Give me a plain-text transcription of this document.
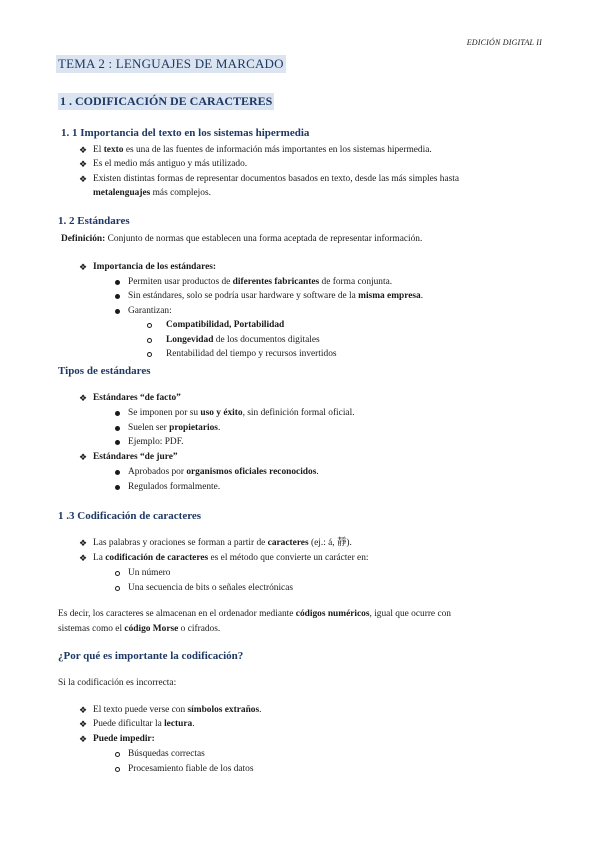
EDICIÓN DIGITAL II
TEMA 2 : LENGUAJES DE MARCADO
1 . CODIFICACIÓN DE CARACTERES
1. 1 Importancia del texto en los sistemas hipermedia
❖ El texto es una de las fuentes de información más importantes en los sistemas hipermedia.
❖ Es el medio más antiguo y más utilizado.
❖ Existen distintas formas de representar documentos basados en texto, desde las más simples hasta
metalenguajes más complejos.
1. 2 Estándares
Definición: Conjunto de normas que establecen una forma aceptada de representar información.
❖ Importancia de los estándares:
Permiten usar productos de diferentes fabricantes de forma conjunta.
Sin estándares, solo se podría usar hardware y software de la misma empresa.
Garantizan:
Compatibilidad, Portabilidad
Longevidad de los documentos digitales
Rentabilidad del tiempo y recursos invertidos
Tipos de estándares
❖ Estándares “de facto”
Se imponen por su uso y éxito, sin definición formal oficial.
Suelen ser propietarios.
Ejemplo: PDF.
❖ Estándares “de jure”
Aprobados por organismos oficiales reconocidos.
Regulados formalmente.
1 .3 Codificación de caracteres
❖ Las palabras y oraciones se forman a partir de caracteres (ej.: á, 靜).
❖ La codificación de caracteres es el método que convierte un carácter en:
Un número
Una secuencia de bits o señales electrónicas
Es decir, los caracteres se almacenan en el ordenador mediante códigos numéricos, igual que ocurre con
sistemas como el código Morse o cifrados.
¿Por qué es importante la codificación?
Si la codificación es incorrecta:
❖ El texto puede verse con símbolos extraños.
❖ Puede dificultar la lectura.
❖ Puede impedir:
Búsquedas correctas
Procesamiento fiable de los datos
